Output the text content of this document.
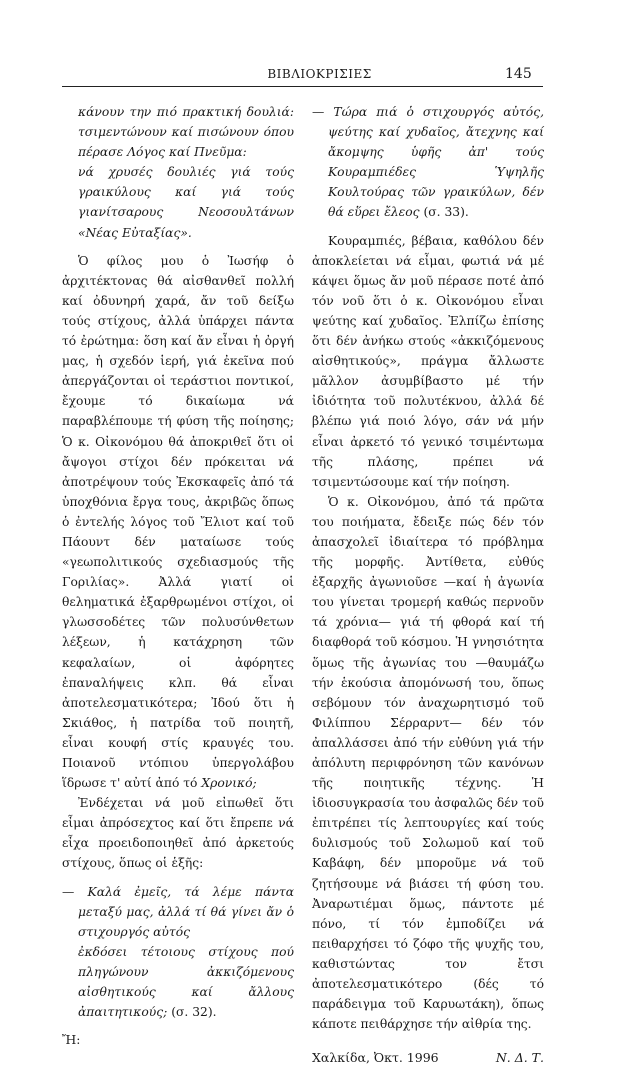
ΒΙΒΛΙΟΚΡΙΣΙΕΣ	145

κάνουν την πιό πρακτική δουλιά: τσιμεντώνουν καί πισώνουν όπου πέρασε Λόγος καί Πνεῦμα:

νά χρυσές δουλιές γιά τούς γραικύλους καί γιά τούς γιανίτσαρους Νεοσουλτάνων «Νέας Εὐταξίας».

Ὁ φίλος μου ὁ Ἰωσήφ ὁ ἀρχιτέκτονας θά αἰσθανθεῖ πολλή καί ὀδυνηρή χαρά, ἄν τοῦ δείξω τούς στίχους, ἀλλά ὑπάρχει πάντα τό ἐρώτημα: ὅση καί ἄν εἶναι ἡ ὀργή μας, ἡ σχεδόν ἱερή, γιά ἐκεῖνα πού ἀπεργάζονται οἱ τεράστιοι ποντικοί, ἔχουμε τό δικαίωμα νά παραβλέπουμε τή φύση τῆς ποίησης; Ὁ κ. Οἰκονόμου θά ἀποκριθεῖ ὅτι οἱ ἄψογοι στίχοι δέν πρόκειται νά ἀποτρέψουν τούς Ἐκσκαφεῖς ἀπό τά ὑποχθόνια ἔργα τους, ἀκριβῶς ὅπως ὁ ἐντελής λόγος τοῦ Ἔλιοτ καί τοῦ Πάουντ δέν ματαίωσε τούς «γεωπολιτικούς σχεδιασμούς τῆς Γοριλίας». Ἀλλά γιατί οἱ θεληματικά ἐξαρθρωμένοι στίχοι, οἱ γλωσσοδέτες τῶν πολυσύνθετων λέξεων, ἡ κατάχρηση τῶν κεφαλαίων, οἱ ἀφόρητες ἐπαναλήψεις κλπ. θά εἶναι ἀποτελεσματικότερα; Ἰδού ὅτι ἡ Σκιάθος, ἡ πατρίδα τοῦ ποιητῆ, εἶναι κουφή στίς κραυγές του. Ποιανοῦ ντόπιου ὑπεργολάβου ἵδρωσε τ' αὐτί ἀπό τό Χρονικό;

Ἐνδέχεται νά μοῦ εἰπωθεῖ ὅτι εἶμαι ἀπρόσεχτος καί ὅτι ἔπρεπε νά εἶχα προειδοποιηθεῖ ἀπό ἀρκετούς στίχους, ὅπως οἱ ἑξῆς:

— Καλά ἐμεῖς, τά λέμε πάντα μεταξύ μας, ἀλλά τί θά γίνει ἄν ὁ στιχουργός αὐτός

ἐκδόσει τέτοιους στίχους πού πληγώνουν ἀκκιζόμενους αἰσθητικούς καί ἄλλους ἀπαιτητικούς; (σ. 32).

Ἤ:

— Τώρα πιά ὁ στιχουργός αὐτός, ψεύτης καί χυδαῖος, ἄτεχνης καί ἄκομψης ὑφῆς ἀπ' τούς Κουραμπιέδες Ὑψηλῆς Κουλτούρας τῶν γραικύλων, δέν θά εὕρει ἔλεος (σ. 33).

Κουραμπιές, βέβαια, καθόλου δέν ἀποκλείεται νά εἶμαι, φωτιά νά μέ κάψει ὅμως ἄν μοῦ πέρασε ποτέ ἀπό τόν νοῦ ὅτι ὁ κ. Οἰκονόμου εἶναι ψεύτης καί χυδαῖος. Ἐλπίζω ἐπίσης ὅτι δέν ἀνήκω στούς «ἀκκιζόμενους αἰσθητικούς», πράγμα ἄλλωστε μᾶλλον ἀσυμβίβαστο μέ τήν ἰδιότητα τοῦ πολυτέκνου, ἀλλά δέ βλέπω γιά ποιό λόγο, σάν νά μήν εἶναι ἀρκετό τό γενικό τσιμέντωμα τῆς πλάσης, πρέπει νά τσιμεντώσουμε καί τήν ποίηση.

Ὁ κ. Οἰκονόμου, ἀπό τά πρῶτα του ποιήματα, ἔδειξε πώς δέν τόν ἀπασχολεῖ ἰδιαίτερα τό πρόβλημα τῆς μορφῆς. Ἀντίθετα, εὐθύς ἐξαρχῆς ἀγωνιοῦσε —καί ἡ ἀγωνία του γίνεται τρομερή καθώς περνοῦν τά χρόνια— γιά τή φθορά καί τή διαφθορά τοῦ κόσμου. Ἡ γνησιότητα ὅμως τῆς ἀγωνίας του —θαυμάζω τήν ἑκούσια ἀπομόνωσή του, ὅπως σεβόμουν τόν ἀναχωρητισμό τοῦ Φιλίππου Σέρραρντ— δέν τόν ἀπαλλάσσει ἀπό τήν εὐθύνη γιά τήν ἀπόλυτη περιφρόνηση τῶν κανόνων τῆς ποιητικῆς τέχνης. Ἡ ἰδιοσυγκρασία του ἀσφαλῶς δέν τοῦ ἐπιτρέπει τίς λεπτουργίες καί τούς δυλισμούς τοῦ Σολωμοῦ καί τοῦ Καβάφη, δέν μποροῦμε νά τοῦ ζητήσουμε νά βιάσει τή φύση του. Ἀναρωτιέμαι ὅμως, πάντοτε μέ πόνο, τί τόν ἐμποδίζει νά πειθαρχήσει τό ζόφο τῆς ψυχῆς του, καθιστώντας τον ἔτσι ἀποτελεσματικότερο (δές τό παράδειγμα τοῦ Καρυωτάκη), ὅπως κάποτε πειθάρχησε τήν αἰθρία της.

Χαλκίδα, Ὀκτ. 1996	Ν. Δ. Τ.
